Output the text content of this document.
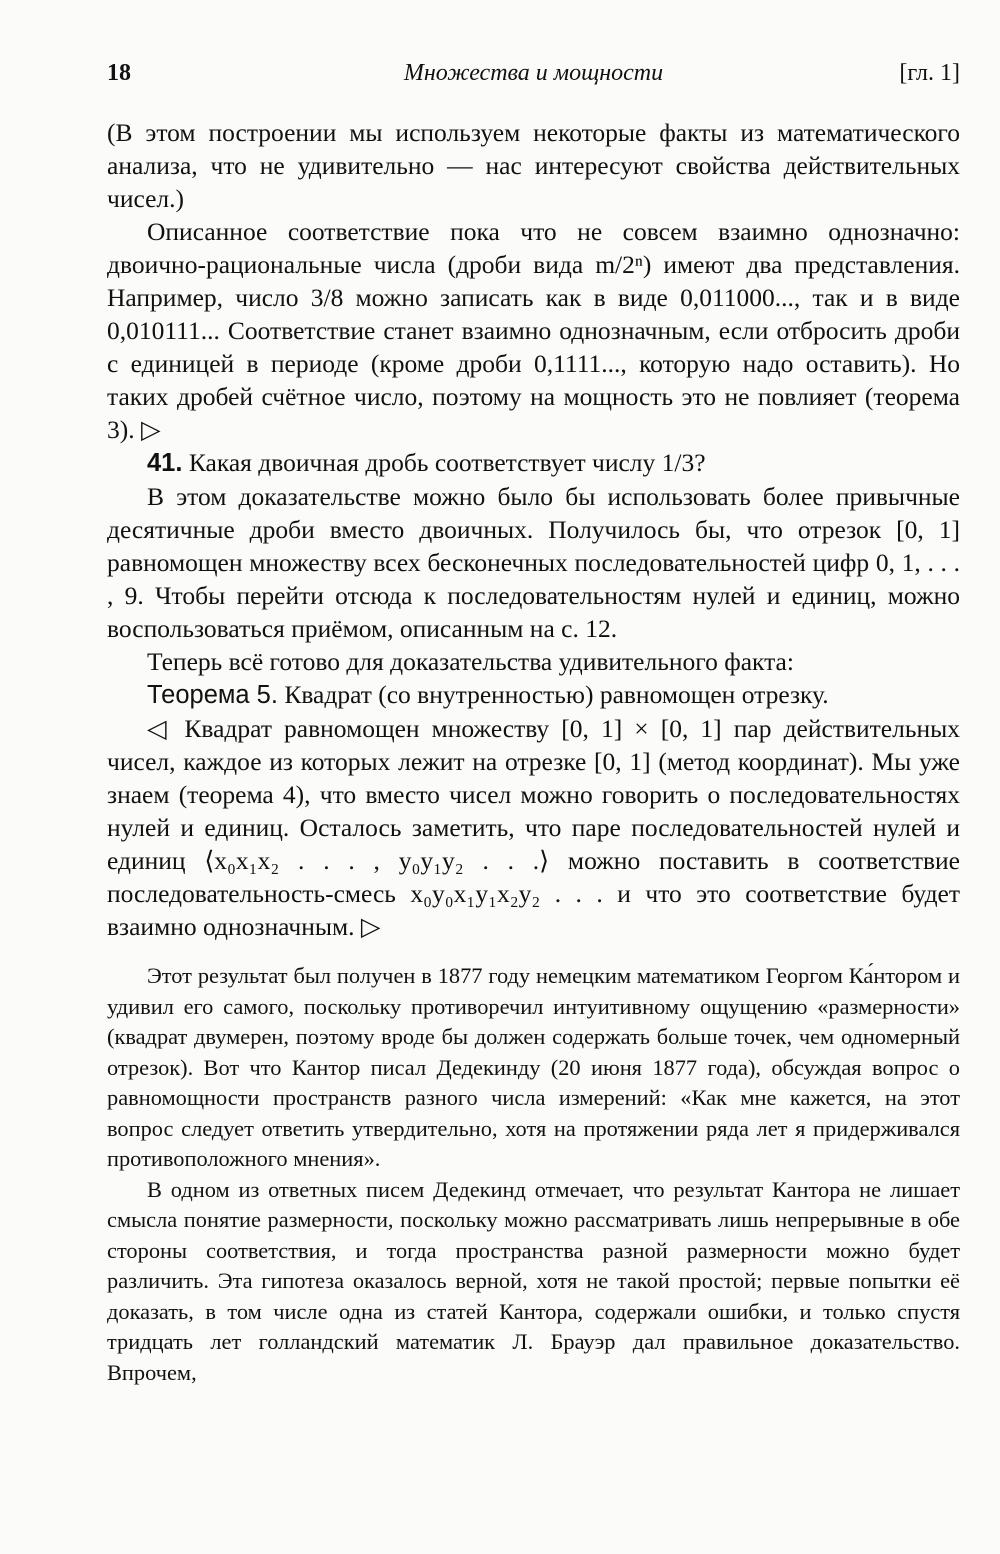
18	Множества и мощности	[гл. 1]

(В этом построении мы используем некоторые факты из математического анализа, что не удивительно — нас интересуют свойства действительных чисел.)

Описанное соответствие пока что не совсем взаимно однозначно: двоично-рациональные числа (дроби вида m/2ⁿ) имеют два представления. Например, число 3/8 можно записать как в виде 0,011000..., так и в виде 0,010111... Соответствие станет взаимно однозначным, если отбросить дроби с единицей в периоде (кроме дроби 0,1111..., которую надо оставить). Но таких дробей счётное число, поэтому на мощность это не повлияет (теорема 3). ▷

41. Какая двоичная дробь соответствует числу 1/3?

В этом доказательстве можно было бы использовать более привычные десятичные дроби вместо двоичных. Получилось бы, что отрезок [0, 1] равномощен множеству всех бесконечных последовательностей цифр 0, 1, . . . , 9. Чтобы перейти отсюда к последовательностям нулей и единиц, можно воспользоваться приёмом, описанным на с. 12.

Теперь всё готово для доказательства удивительного факта:

Теорема 5. Квадрат (со внутренностью) равномощен отрезку.

◁ Квадрат равномощен множеству [0, 1] × [0, 1] пар действительных чисел, каждое из которых лежит на отрезке [0, 1] (метод координат). Мы уже знаем (теорема 4), что вместо чисел можно говорить о последовательностях нулей и единиц. Осталось заметить, что паре последовательностей нулей и единиц ⟨x₀x₁x₂ . . . , y₀y₁y₂ . . .⟩ можно поставить в соответствие последовательность-смесь x₀y₀x₁y₁x₂y₂ . . . и что это соответствие будет взаимно однозначным. ▷

Этот результат был получен в 1877 году немецким математиком Георгом Ка́нтором и удивил его самого, поскольку противоречил интуитивному ощущению «размерности» (квадрат двумерен, поэтому вроде бы должен содержать больше точек, чем одномерный отрезок). Вот что Кантор писал Дедекинду (20 июня 1877 года), обсуждая вопрос о равномощности пространств разного числа измерений: «Как мне кажется, на этот вопрос следует ответить утвердительно, хотя на протяжении ряда лет я придерживался противоположного мнения».

В одном из ответных писем Дедекинд отмечает, что результат Кантора не лишает смысла понятие размерности, поскольку можно рассматривать лишь непрерывные в обе стороны соответствия, и тогда пространства разной размерности можно будет различить. Эта гипотеза оказалось верной, хотя не такой простой; первые попытки её доказать, в том числе одна из статей Кантора, содержали ошибки, и только спустя тридцать лет голландский математик Л. Брауэр дал правильное доказательство. Впрочем,
